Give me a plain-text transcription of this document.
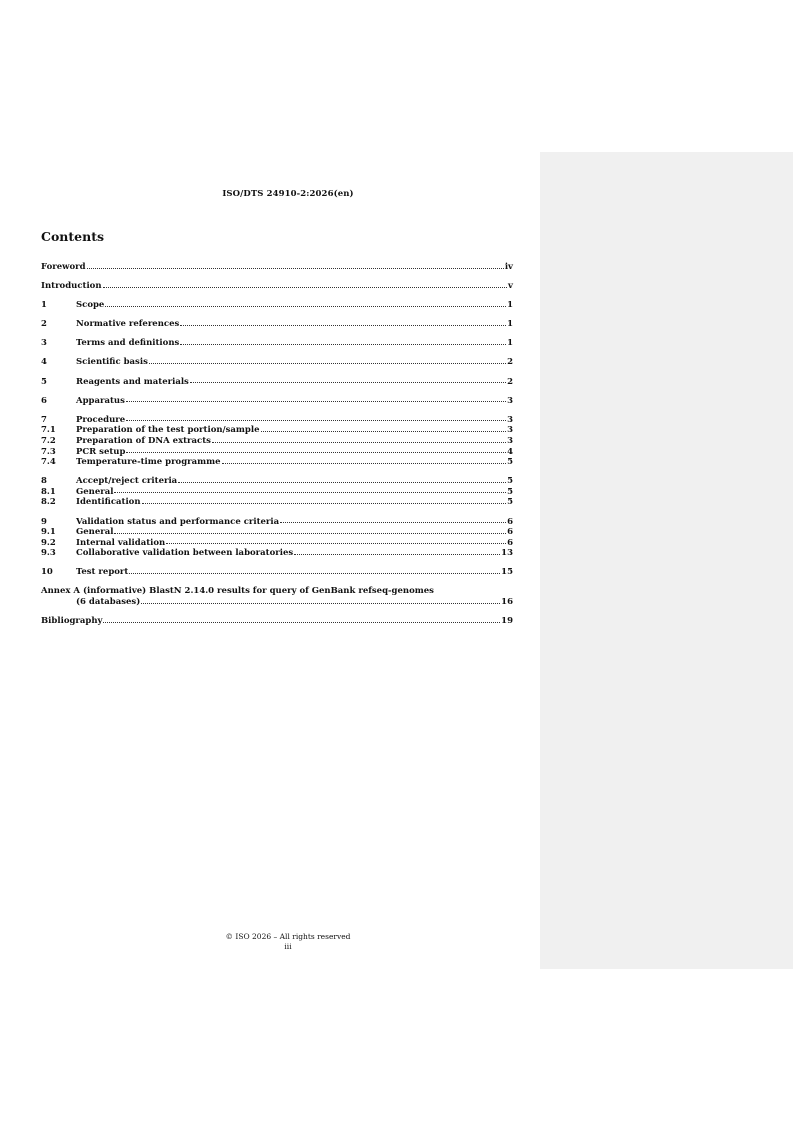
ISO/DTS 24910-2:2026(en)
Contents
Foreword	iv
Introduction	v
1	Scope	1
2	Normative references	1
3	Terms and definitions	1
4	Scientific basis	2
5	Reagents and materials	2
6	Apparatus	3
7	Procedure	3
7.1	Preparation of the test portion/sample	3
7.2	Preparation of DNA extracts	3
7.3	PCR setup	4
7.4	Temperature-time programme	5
8	Accept/reject criteria	5
8.1	General	5
8.2	Identification	5
9	Validation status and performance criteria	6
9.1	General	6
9.2	Internal validation	6
9.3	Collaborative validation between laboratories	13
10	Test report	15
Annex A (informative) BlastN 2.14.0 results for query of GenBank refseq-genomes
(6 databases)	16
Bibliography	19
© ISO 2026 – All rights reserved
iii
